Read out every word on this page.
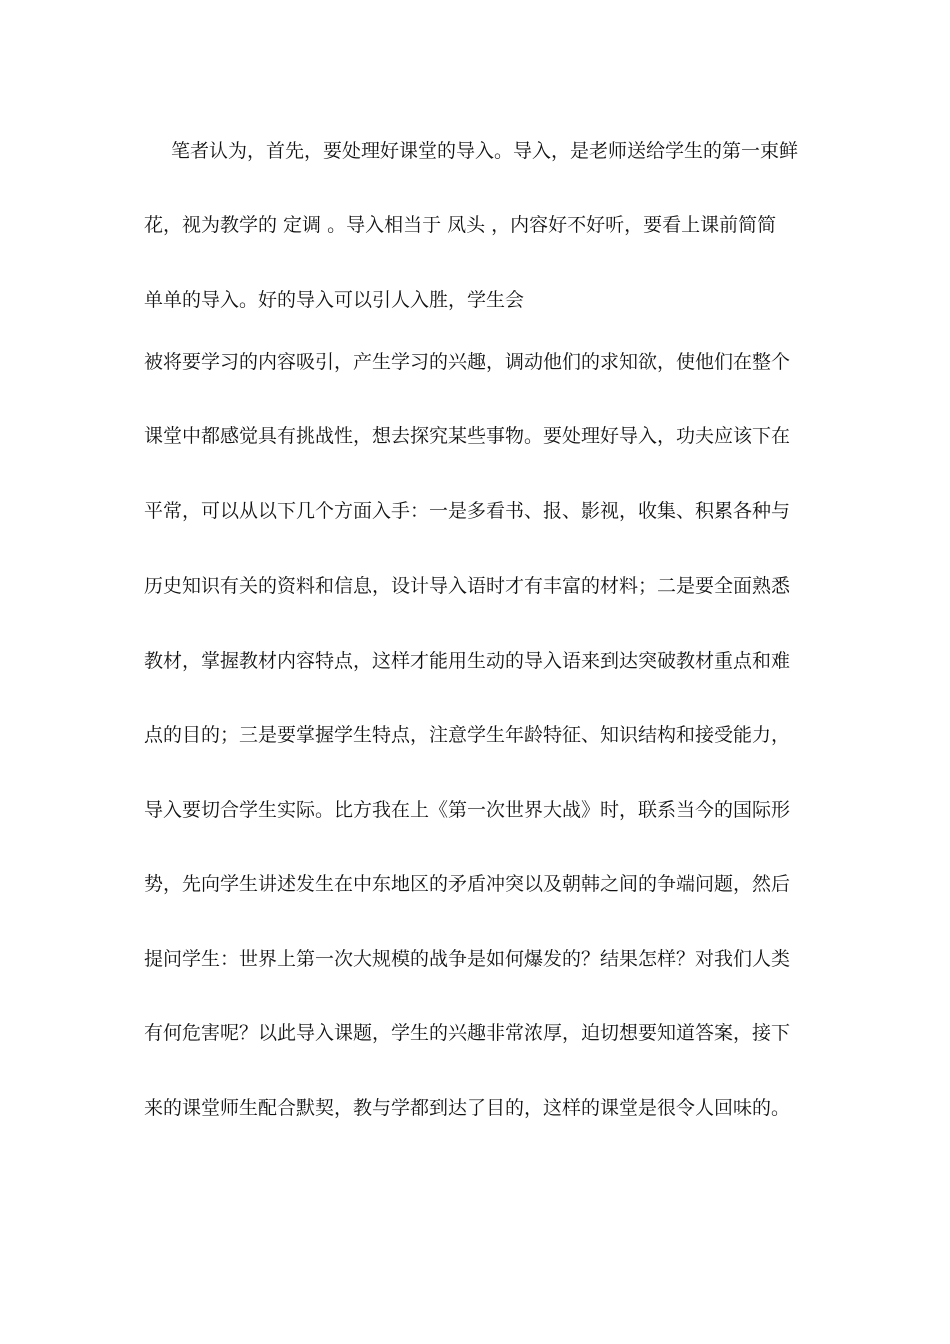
笔者认为，首先，要处理好课堂的导入。导入，是老师送给学生的第一束鲜
花，视为教学的 定调 。导入相当于 凤头 ，内容好不好听，要看上课前简简
单单的导入。好的导入可以引人入胜，学生会
被将要学习的内容吸引，产生学习的兴趣，调动他们的求知欲，使他们在整个
课堂中都感觉具有挑战性，想去探究某些事物。要处理好导入，功夫应该下在
平常，可以从以下几个方面入手：一是多看书、报、影视，收集、积累各种与
历史知识有关的资料和信息，设计导入语时才有丰富的材料；二是要全面熟悉
教材，掌握教材内容特点，这样才能用生动的导入语来到达突破教材重点和难
点的目的；三是要掌握学生特点，注意学生年龄特征、知识结构和接受能力，
导入要切合学生实际。比方我在上《第一次世界大战》时，联系当今的国际形
势，先向学生讲述发生在中东地区的矛盾冲突以及朝韩之间的争端问题，然后
提问学生：世界上第一次大规模的战争是如何爆发的？结果怎样？对我们人类
有何危害呢？以此导入课题，学生的兴趣非常浓厚，迫切想要知道答案，接下
来的课堂师生配合默契，教与学都到达了目的，这样的课堂是很令人回味的。
